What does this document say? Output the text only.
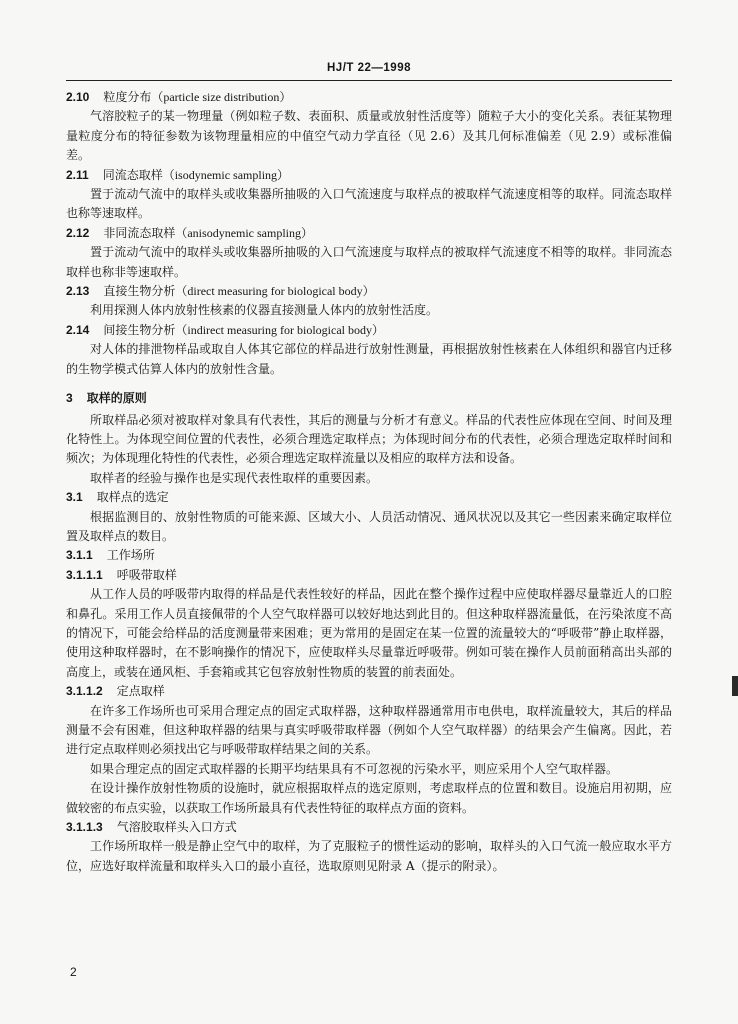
HJ/T 22—1998

2.10 粒度分布（particle size distribution）

气溶胶粒子的某一物理量（例如粒子数、表面积、质量或放射性活度等）随粒子大小的变化关系。表征某物理量粒度分布的特征参数为该物理量相应的中值空气动力学直径（见 2.6）及其几何标准偏差（见 2.9）或标准偏差。

2.11 同流态取样（isodynemic sampling）

置于流动气流中的取样头或收集器所抽吸的入口气流速度与取样点的被取样气流速度相等的取样。同流态取样也称等速取样。

2.12 非同流态取样（anisodynemic sampling）

置于流动气流中的取样头或收集器所抽吸的入口气流速度与取样点的被取样气流速度不相等的取样。非同流态取样也称非等速取样。

2.13 直接生物分析（direct measuring for biological body）

利用探测人体内放射性核素的仪器直接测量人体内的放射性活度。

2.14 间接生物分析（indirect measuring for biological body）

对人体的排泄物样品或取自人体其它部位的样品进行放射性测量，再根据放射性核素在人体组织和器官内迁移的生物学模式估算人体内的放射性含量。

3 取样的原则

所取样品必须对被取样对象具有代表性，其后的测量与分析才有意义。样品的代表性应体现在空间、时间及理化特性上。为体现空间位置的代表性，必须合理选定取样点；为体现时间分布的代表性，必须合理选定取样时间和频次；为体现理化特性的代表性，必须合理选定取样流量以及相应的取样方法和设备。

取样者的经验与操作也是实现代表性取样的重要因素。

3.1 取样点的选定

根据监测目的、放射性物质的可能来源、区域大小、人员活动情况、通风状况以及其它一些因素来确定取样位置及取样点的数目。

3.1.1 工作场所

3.1.1.1 呼吸带取样

从工作人员的呼吸带内取得的样品是代表性较好的样品，因此在整个操作过程中应使取样器尽量靠近人的口腔和鼻孔。采用工作人员直接佩带的个人空气取样器可以较好地达到此目的。但这种取样器流量低，在污染浓度不高的情况下，可能会给样品的活度测量带来困难；更为常用的是固定在某一位置的流量较大的“呼吸带”静止取样器，使用这种取样器时，在不影响操作的情况下，应使取样头尽量靠近呼吸带。例如可装在操作人员前面稍高出头部的高度上，或装在通风柜、手套箱或其它包容放射性物质的装置的前表面处。

3.1.1.2 定点取样

在许多工作场所也可采用合理定点的固定式取样器，这种取样器通常用市电供电，取样流量较大，其后的样品测量不会有困难，但这种取样器的结果与真实呼吸带取样器（例如个人空气取样器）的结果会产生偏离。因此，若进行定点取样则必须找出它与呼吸带取样结果之间的关系。

如果合理定点的固定式取样器的长期平均结果具有不可忽视的污染水平，则应采用个人空气取样器。

在设计操作放射性物质的设施时，就应根据取样点的选定原则，考虑取样点的位置和数目。设施启用初期，应做较密的布点实验，以获取工作场所最具有代表性特征的取样点方面的资料。

3.1.1.3 气溶胶取样头入口方式

工作场所取样一般是静止空气中的取样，为了克服粒子的惯性运动的影响，取样头的入口气流一般应取水平方位，应选好取样流量和取样头入口的最小直径，选取原则见附录 A（提示的附录）。

2
